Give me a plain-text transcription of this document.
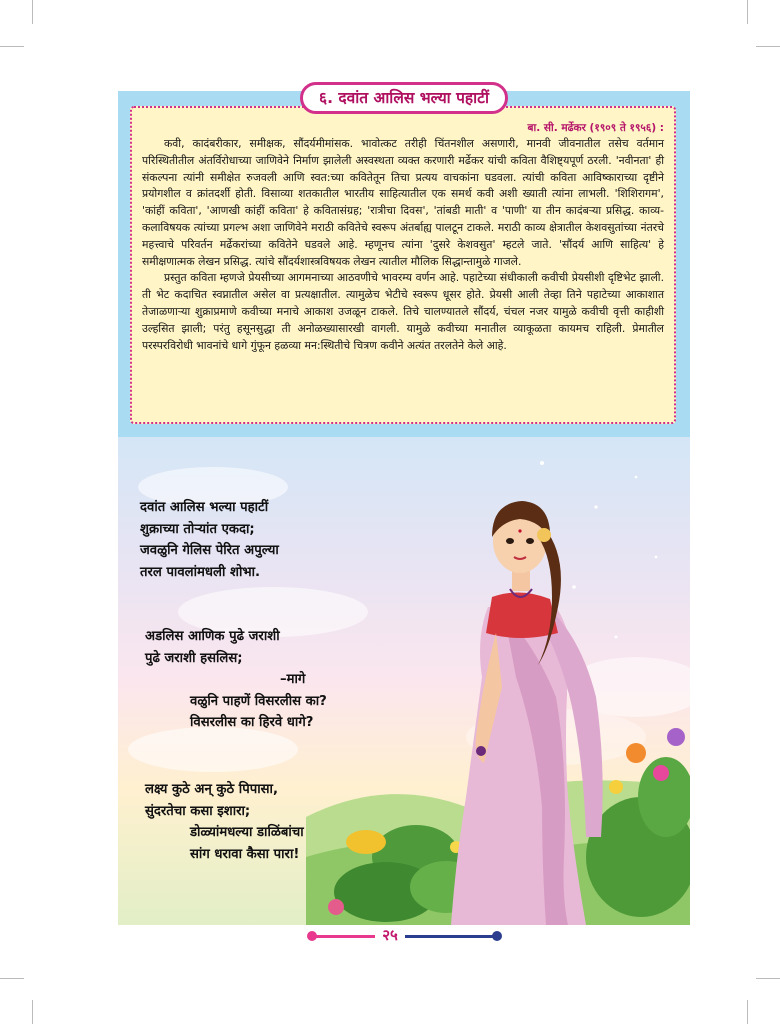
बा. सी. मर्ढेकर (१९०९ ते १९५६) :

कवी, कादंबरीकार, समीक्षक, सौंदर्यमीमांसक. भावोत्कट तरीही चिंतनशील असणारी, मानवी जीवनातील तसेच वर्तमान परिस्थितीतील अंतर्विरोधाच्या जाणिवेने निर्माण झालेली अस्वस्थता व्यक्त करणारी मर्ढेकर यांची कविता वैशिष्ट्यपूर्ण ठरली. 'नवीनता' ही संकल्पना त्यांनी समीक्षेत रुजवली आणि स्वत:च्या कवितेतून तिचा प्रत्यय वाचकांना घडवला. त्यांची कविता आविष्काराच्या दृष्टीने प्रयोगशील व क्रांतदर्शी होती. विसाव्या शतकातील भारतीय साहित्यातील एक समर्थ कवी अशी ख्याती त्यांना लाभली. 'शिशिरागम', 'कांहीं कविता', 'आणखी कांहीं कविता' हे कवितासंग्रह; 'रात्रीचा दिवस', 'तांबडी माती' व 'पाणी' या तीन कादंबऱ्या प्रसिद्ध. काव्य-कलाविषयक त्यांच्या प्रगल्भ अशा जाणिवेने मराठी कवितेचे स्वरूप अंतर्बाह्य पालटून टाकले. मराठी काव्य क्षेत्रातील केशवसुतांच्या नंतरचे महत्त्वाचे परिवर्तन मर्ढेकरांच्या कवितेने घडवले आहे. म्हणूनच त्यांना 'दुसरे केशवसुत' म्हटले जाते. 'सौंदर्य आणि साहित्य' हे समीक्षणात्मक लेखन प्रसिद्ध. त्यांचे सौंदर्यशास्त्रविषयक लेखन त्यातील मौलिक सिद्धान्तामुळे गाजले.

प्रस्तुत कविता म्हणजे प्रेयसीच्या आगमनाच्या आठवणीचे भावरम्य वर्णन आहे. पहाटेच्या संधीकाली कवीची प्रेयसीशी दृष्टिभेट झाली. ती भेट कदाचित स्वप्नातील असेल वा प्रत्यक्षातील. त्यामुळेच भेटीचे स्वरूप धूसर होते. प्रेयसी आली तेव्हा तिने पहाटेच्या आकाशात तेजाळणाऱ्या शुक्राप्रमाणे कवीच्या मनाचे आकाश उजळून टाकले. तिचे चालण्यातले सौंदर्य, चंचल नजर यामुळे कवीची वृत्ती काहीशी उल्हसित झाली; परंतु हसूनसुद्धा ती अनोळख्यासारखी वागली. यामुळे कवीच्या मनातील व्याकूळता कायमच राहिली. प्रेमातील परस्परविरोधी भावनांचे धागे गुंफून हळव्या मन:स्थितीचे चित्रण कवीने अत्यंत तरलतेने केले आहे.

६. दवांत आलिस भल्या पहाटीं
दवांत आलिस भल्या पहाटीं
शुक्राच्या तोऱ्यांत एकदा;
जवळुनि गेलिस पेरित अपुल्या
तरल पावलांमधली शोभा.
अडलिस आणिक पुढे जराशी
पुढे जराशी हसलिस;
–मागे
वळुनि पाहणें विसरलीस का?
विसरलीस का हिरवे धागे?
लक्ष्य कुठे अन् कुठे पिपासा,
सुंदरतेचा कसा इशारा;
डोळ्यांमधल्या डाळिंबांचा
सांग धरावा कैसा पारा!
२५
